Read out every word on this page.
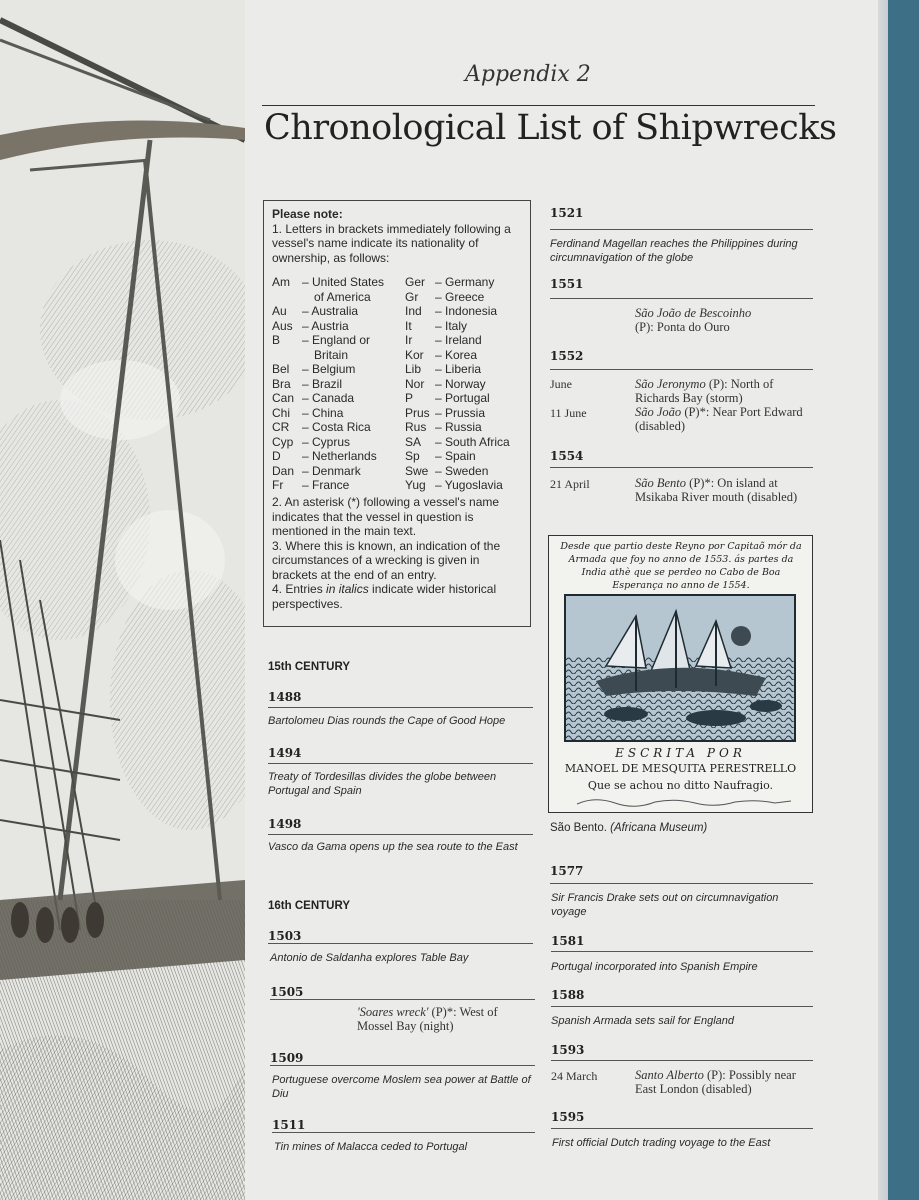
Appendix 2
Chronological List of Shipwrecks
Please note:
1. Letters in brackets immediately following a vessel's name indicate its nationality of ownership, as follows:
Am – United States
of America
Au – Australia
Aus – Austria
B – England or
Britain
Bel – Belgium
Bra – Brazil
Can – Canada
Chi – China
CR – Costa Rica
Cyp – Cyprus
D – Netherlands
Dan – Denmark
Fr – France
Ger – Germany
Gr – Greece
Ind – Indonesia
It – Italy
Ir – Ireland
Kor – Korea
Lib – Liberia
Nor – Norway
P – Portugal
Prus – Prussia
Rus – Russia
SA – South Africa
Sp – Spain
Swe – Sweden
Yug – Yugoslavia
2. An asterisk (*) following a vessel's name indicates that the vessel in question is mentioned in the main text.
3. Where this is known, an indication of the circumstances of a wrecking is given in brackets at the end of an entry.
4. Entries in italics indicate wider historical perspectives.
15th CENTURY
1488
Bartolomeu Dias rounds the Cape of Good Hope
1494
Treaty of Tordesillas divides the globe between Portugal and Spain
1498
Vasco da Gama opens up the sea route to the East
16th CENTURY
1503
Antonio de Saldanha explores Table Bay
1505
'Soares wreck' (P)*: West of Mossel Bay (night)
1509
Portuguese overcome Moslem sea power at Battle of Diu
1511
Tin mines of Malacca ceded to Portugal
1521
Ferdinand Magellan reaches the Philippines during circumnavigation of the globe
1551
São João de Bescoinho
(P): Ponta do Ouro
1552
June	São Jeronymo (P): North of Richards Bay (storm)
11 June	São João (P)*: Near Port Edward (disabled)
1554
21 April	São Bento (P)*: On island at Msikaba River mouth (disabled)
Desde que partio deste Reyno por Capitaõ mór da Armada que foy no anno de 1553. ás partes da India athè que se perdeo no Cabo de Boa Esperança no anno de 1554.
ESCRITA POR
MANOEL DE MESQUITA PERESTRELLO
Que se achou no ditto Naufragio.
São Bento. (Africana Museum)
1577
Sir Francis Drake sets out on circumnavigation voyage
1581
Portugal incorporated into Spanish Empire
1588
Spanish Armada sets sail for England
1593
24 March	Santo Alberto (P): Possibly near East London (disabled)
1595
First official Dutch trading voyage to the East
